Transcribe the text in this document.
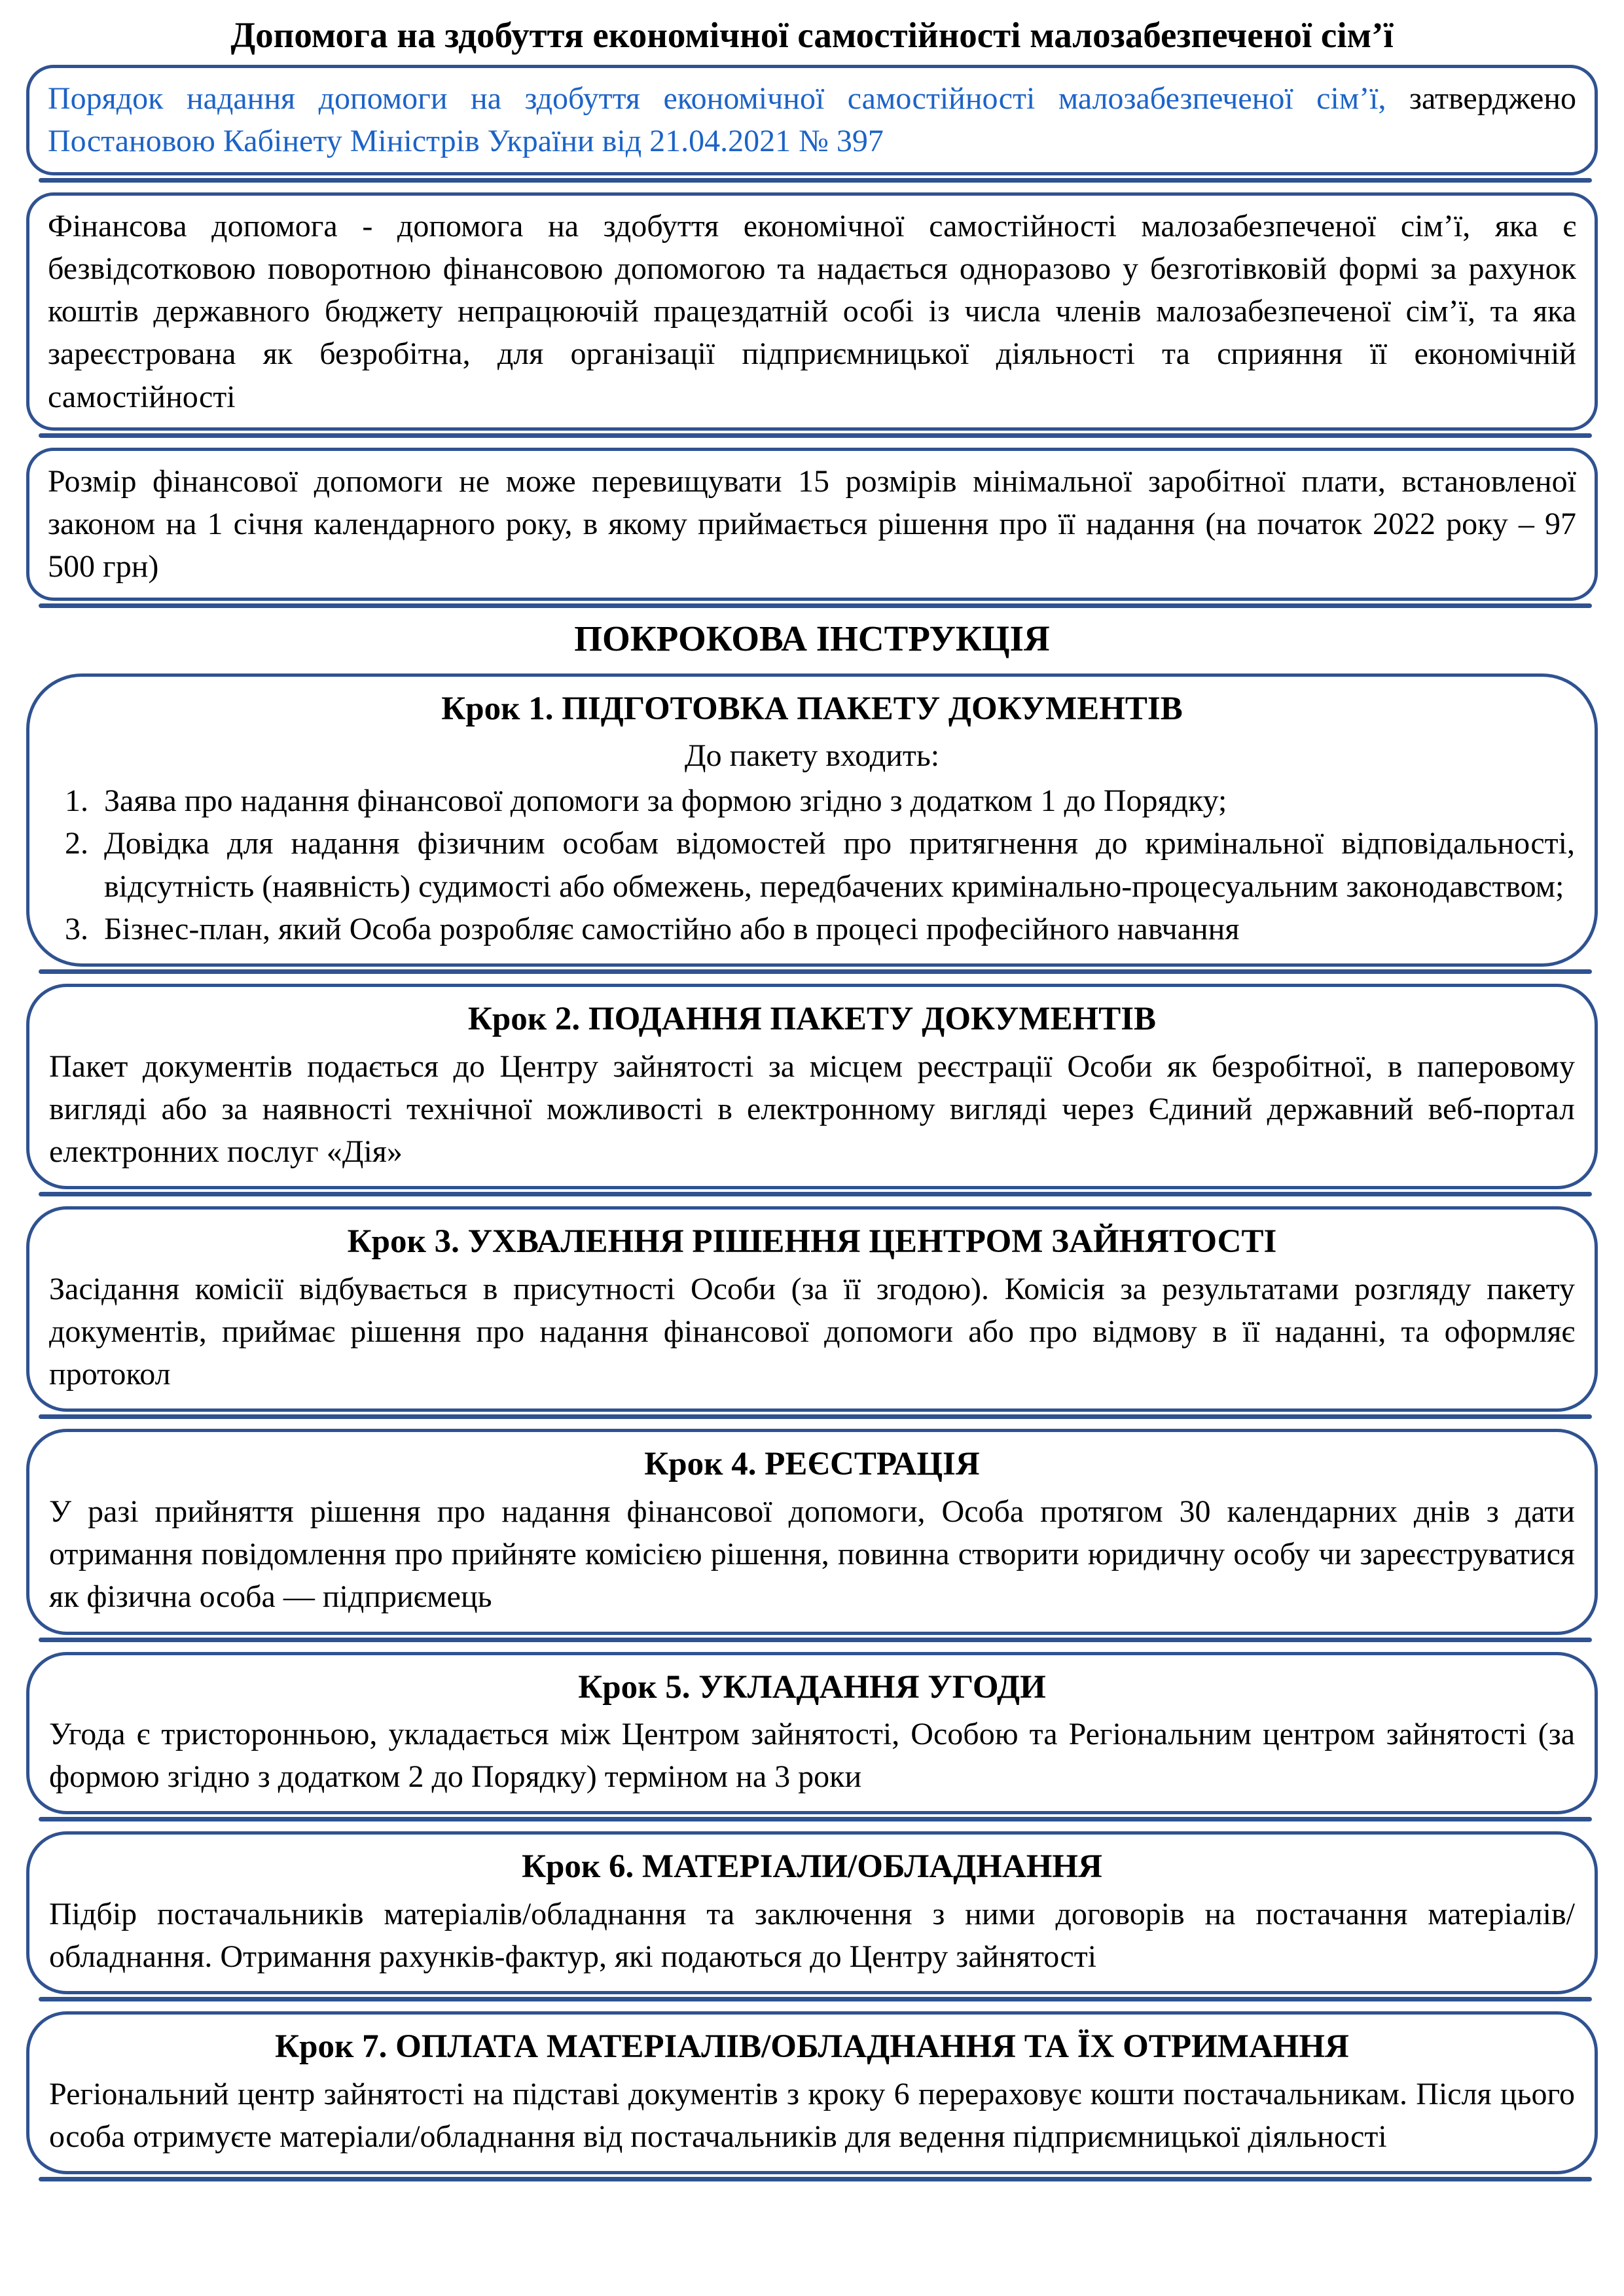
Допомога на здобуття економічної самостійності малозабезпеченої сім’ї
Порядок надання допомоги на здобуття економічної самостійності малозабезпеченої сім’ї, затверджено Постановою Кабінету Міністрів України від 21.04.2021 № 397

Фінансова допомога - допомога на здобуття економічної самостійності малозабезпеченої сім’ї, яка є безвідсотковою поворотною фінансовою допомогою та надається одноразово у безготівковій формі за рахунок коштів державного бюджету непрацюючій працездатній особі із числа членів малозабезпеченої сім’ї, та яка зареєстрована як безробітна, для організації підприємницької діяльності та сприяння її економічній самостійності

Розмір фінансової допомоги не може перевищувати 15 розмірів мінімальної заробітної плати, встановленої законом на 1 січня календарного року, в якому приймається рішення про її надання (на початок 2022 року – 97 500 грн)

ПОКРОКОВА ІНСТРУКЦІЯ
Крок 1. ПІДГОТОВКА ПАКЕТУ ДОКУМЕНТІВ
До пакету входить:
1. Заява про надання фінансової допомоги за формою згідно з додатком 1 до Порядку;
2. Довідка для надання фізичним особам відомостей про притягнення до кримінальної відповідальності, відсутність (наявність) судимості або обмежень, передбачених кримінально-процесуальним законодавством;
3. Бізнес-план, який Особа розробляє самостійно або в процесі професійного навчання
Крок 2. ПОДАННЯ ПАКЕТУ ДОКУМЕНТІВ

Пакет документів подається до Центру зайнятості за місцем реєстрації Особи як безробітної, в паперовому вигляді або за наявності технічної можливості в електронному вигляді через Єдиний державний веб-портал електронних послуг «Дія»

Крок 3. УХВАЛЕННЯ РІШЕННЯ ЦЕНТРОМ ЗАЙНЯТОСТІ

Засідання комісії відбувається в присутності Особи (за її згодою). Комісія за результатами розгляду пакету документів, приймає рішення про надання фінансової допомоги або про відмову в її наданні, та оформляє протокол

Крок 4. РЕЄСТРАЦІЯ

У разі прийняття рішення про надання фінансової допомоги, Особа протягом 30 календарних днів з дати отримання повідомлення про прийняте комісією рішення, повинна створити юридичну особу чи зареєструватися як фізична особа — підприємець

Крок 5. УКЛАДАННЯ УГОДИ

Угода є тристоронньою, укладається між Центром зайнятості, Особою та Регіональним центром зайнятості (за формою згідно з додатком 2 до Порядку) терміном на 3 роки

Крок 6. МАТЕРІАЛИ/ОБЛАДНАННЯ

Підбір постачальників матеріалів/обладнання та заключення з ними договорів на постачання матеріалів/обладнання. Отримання рахунків-фактур, які подаються до Центру зайнятості

Крок 7. ОПЛАТА МАТЕРІАЛІВ/ОБЛАДНАННЯ ТА ЇХ ОТРИМАННЯ

Регіональний центр зайнятості на підставі документів з кроку 6 перераховує кошти постачальникам. Після цього особа отримуєте матеріали/обладнання від постачальників для ведення підприємницької діяльності
